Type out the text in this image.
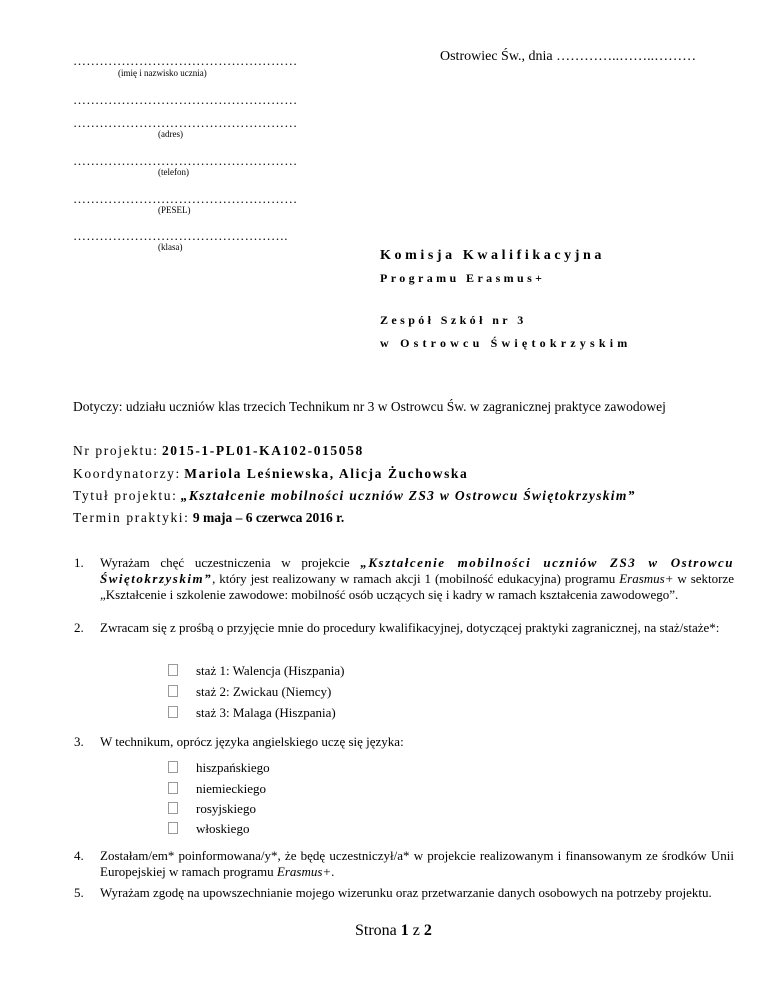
……………………………………………
(imię i nazwisko ucznia)
Ostrowiec Św., dnia …………..……..………
……………………………………………
……………………………………………
(adres)
……………………………………………
(telefon)
……………………………………………
(PESEL)
………………………………………….
(klasa)
Komisja Kwalifikacyjna
Programu Erasmus+
Zespół Szkół nr 3
w Ostrowcu Świętokrzyskim
Dotyczy: udziału uczniów klas trzecich Technikum nr 3 w Ostrowcu Św. w zagranicznej praktyce zawodowej
Nr projektu: 2015-1-PL01-KA102-015058
Koordynatorzy: Mariola Leśniewska, Alicja Żuchowska
Tytuł projektu: „Kształcenie mobilności uczniów ZS3 w Ostrowcu Świętokrzyskim”
Termin praktyki: 9 maja – 6 czerwca 2016 r.
1. Wyrażam chęć uczestniczenia w projekcie „Kształcenie mobilności uczniów ZS3 w Ostrowcu Świętokrzyskim”, który jest realizowany w ramach akcji 1 (mobilność edukacyjna) programu Erasmus+ w sektorze „Kształcenie i szkolenie zawodowe: mobilność osób uczących się i kadry w ramach kształcenia zawodowego”.
2. Zwracam się z prośbą o przyjęcie mnie do procedury kwalifikacyjnej, dotyczącej praktyki zagranicznej, na staż/staże*:
staż 1: Walencja (Hiszpania)
staż 2: Zwickau (Niemcy)
staż 3: Malaga (Hiszpania)
3. W technikum, oprócz języka angielskiego uczę się języka:
hiszpańskiego
niemieckiego
rosyjskiego
włoskiego
4. Zostałam/em* poinformowana/y*, że będę uczestniczył/a* w projekcie realizowanym i finansowanym ze środków Unii Europejskiej w ramach programu Erasmus+.
5. Wyrażam zgodę na upowszechnianie mojego wizerunku oraz przetwarzanie danych osobowych na potrzeby projektu.
Strona 1 z 2
